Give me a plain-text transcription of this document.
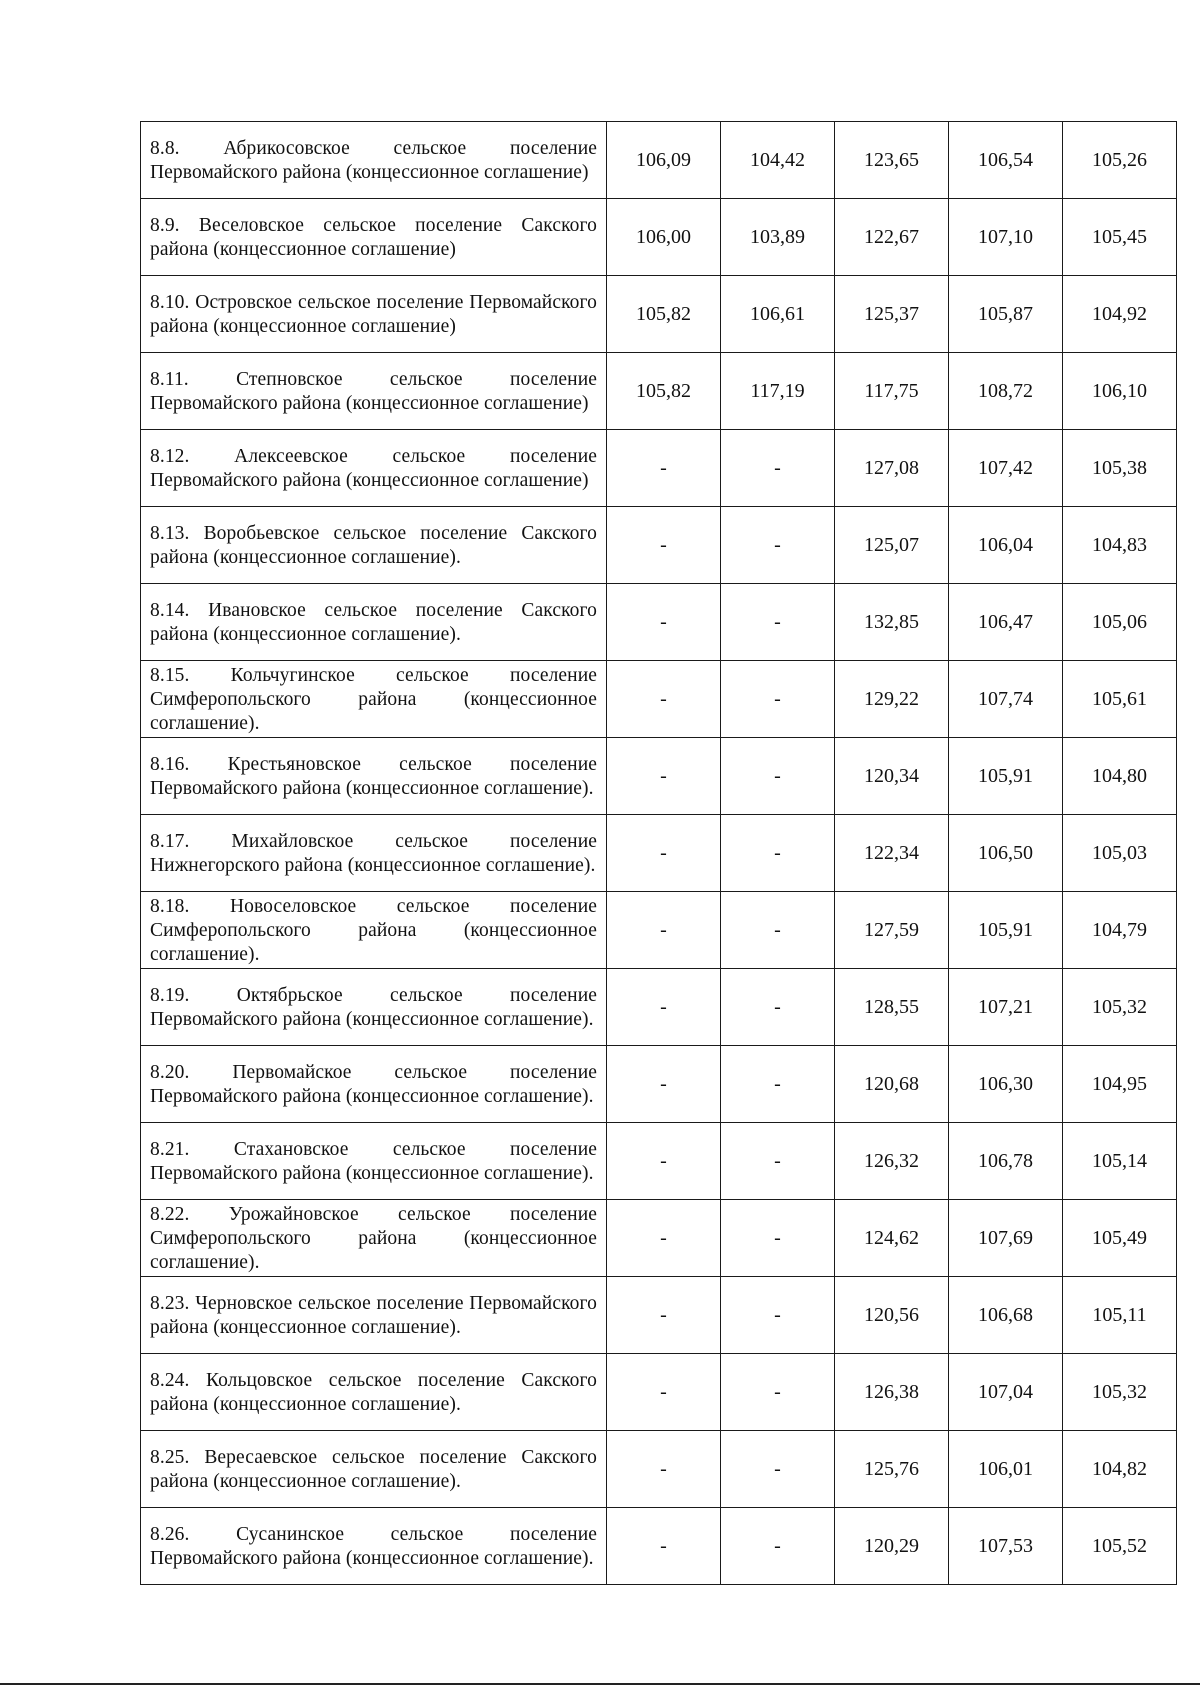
8.8. Абрикосовское сельское поселение Первомайского района (концессионное соглашение)	106,09	104,42	123,65	106,54	105,26

8.9. Веселовское сельское поселение Сакского района (концессионное соглашение)	106,00	103,89	122,67	107,10	105,45

8.10. Островское сельское поселение Первомайского района (концессионное соглашение)	105,82	106,61	125,37	105,87	104,92

8.11. Степновское сельское поселение Первомайского района (концессионное соглашение)	105,82	117,19	117,75	108,72	106,10

8.12. Алексеевское сельское поселение Первомайского района (концессионное соглашение)	-	-	127,08	107,42	105,38

8.13. Воробьевское сельское поселение Сакского района (концессионное соглашение).	-	-	125,07	106,04	104,83

8.14. Ивановское сельское поселение Сакского района (концессионное соглашение).	-	-	132,85	106,47	105,06

8.15. Кольчугинское сельское поселение Симферопольского района (концессионное соглашение).	-	-	129,22	107,74	105,61

8.16. Крестьяновское сельское поселение Первомайского района (концессионное соглашение).	-	-	120,34	105,91	104,80

8.17. Михайловское сельское поселение Нижнегорского района (концессионное соглашение).	-	-	122,34	106,50	105,03

8.18. Новоселовское сельское поселение Симферопольского района (концессионное соглашение).	-	-	127,59	105,91	104,79

8.19. Октябрьское сельское поселение Первомайского района (концессионное соглашение).	-	-	128,55	107,21	105,32

8.20. Первомайское сельское поселение Первомайского района (концессионное соглашение).	-	-	120,68	106,30	104,95

8.21. Стахановское сельское поселение Первомайского района (концессионное соглашение).	-	-	126,32	106,78	105,14

8.22. Урожайновское сельское поселение Симферопольского района (концессионное соглашение).	-	-	124,62	107,69	105,49

8.23. Черновское сельское поселение Первомайского района (концессионное соглашение).	-	-	120,56	106,68	105,11

8.24. Кольцовское сельское поселение Сакского района (концессионное соглашение).	-	-	126,38	107,04	105,32

8.25. Вересаевское сельское поселение Сакского района (концессионное соглашение).	-	-	125,76	106,01	104,82

8.26. Сусанинское сельское поселение Первомайского района (концессионное соглашение).	-	-	120,29	107,53	105,52
